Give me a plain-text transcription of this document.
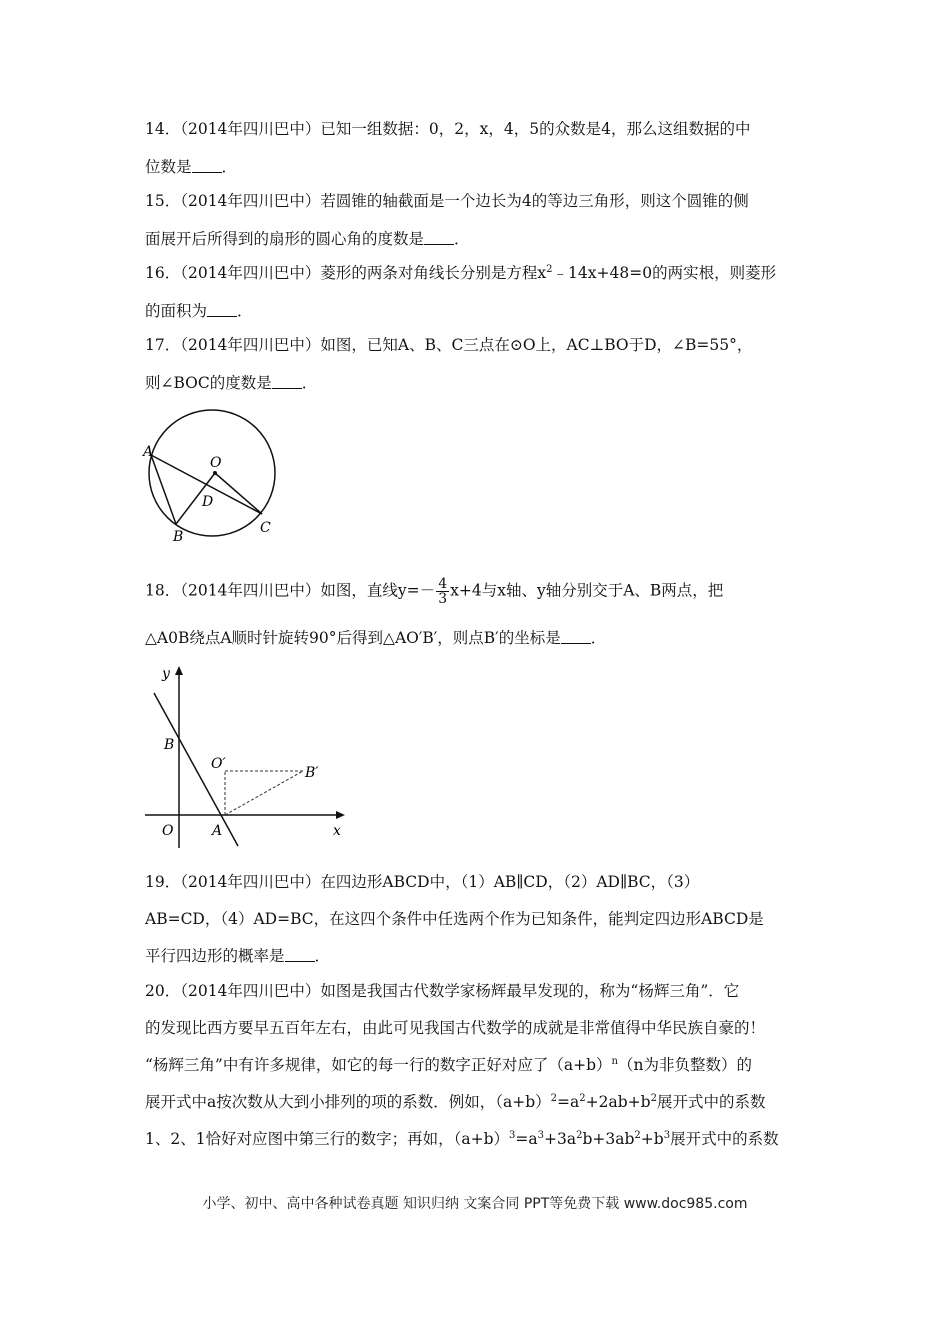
14．（2014年四川巴中）已知一组数据：0，2，x，4，5的众数是4，那么这组数据的中
位数是 ．
15．（2014年四川巴中）若圆锥的轴截面是一个边长为4的等边三角形，则这个圆锥的侧
面展开后所得到的扇形的圆心角的度数是 ．
16．（2014年四川巴中）菱形的两条对角线长分别是方程$x^2﹣14x+48=0$的两实根，则菱形
的面积为 ．
17．（2014年四川巴中）如图，已知A、B、C三点在⊙O上，AC⊥BO于D，∠B=55°，
则∠BOC的度数是 ．
A
O
D
B
C
18．（2014年四川巴中）如图，直线$y=- \frac{4}{3} x+4$与x轴、y轴分别交于A、B两点，把
△A0B绕点A顺时针旋转90°后得到△AO′B′，则点B′的坐标是 ．
y
x
B
O	A
O′
B′
19．（2014年四川巴中）在四边形ABCD中，（1）AB∥CD，（2）AD∥BC，（3）
AB=CD，（4）AD=BC，在这四个条件中任选两个作为已知条件，能判定四边形ABCD是
平行四边形的概率是 ．
20．（2014年四川巴中）如图是我国古代数学家杨辉最早发现的，称为“杨辉三角”．它
的发现比西方要早五百年左右，由此可见我国古代数学的成就是非常值得中华民族自豪的！
“杨辉三角”中有许多规律，如它的每一行的数字正好对应了$(a+b)^n(n$为非负整数）的
展开式中a按次数从大到小排列的项的系数．例如，$(a+b)^2=a^2+2ab+b^2$展开式中的系数
1、2、1恰好对应图中第三行的数字；再如，$(a+b)^3=a^3+3a^2b+3ab^2+b^3$展开式中的系数
小学、初中、高中各种试卷真题 知识归纳 文案合同 PPT等免费下载 www.doc985.com
